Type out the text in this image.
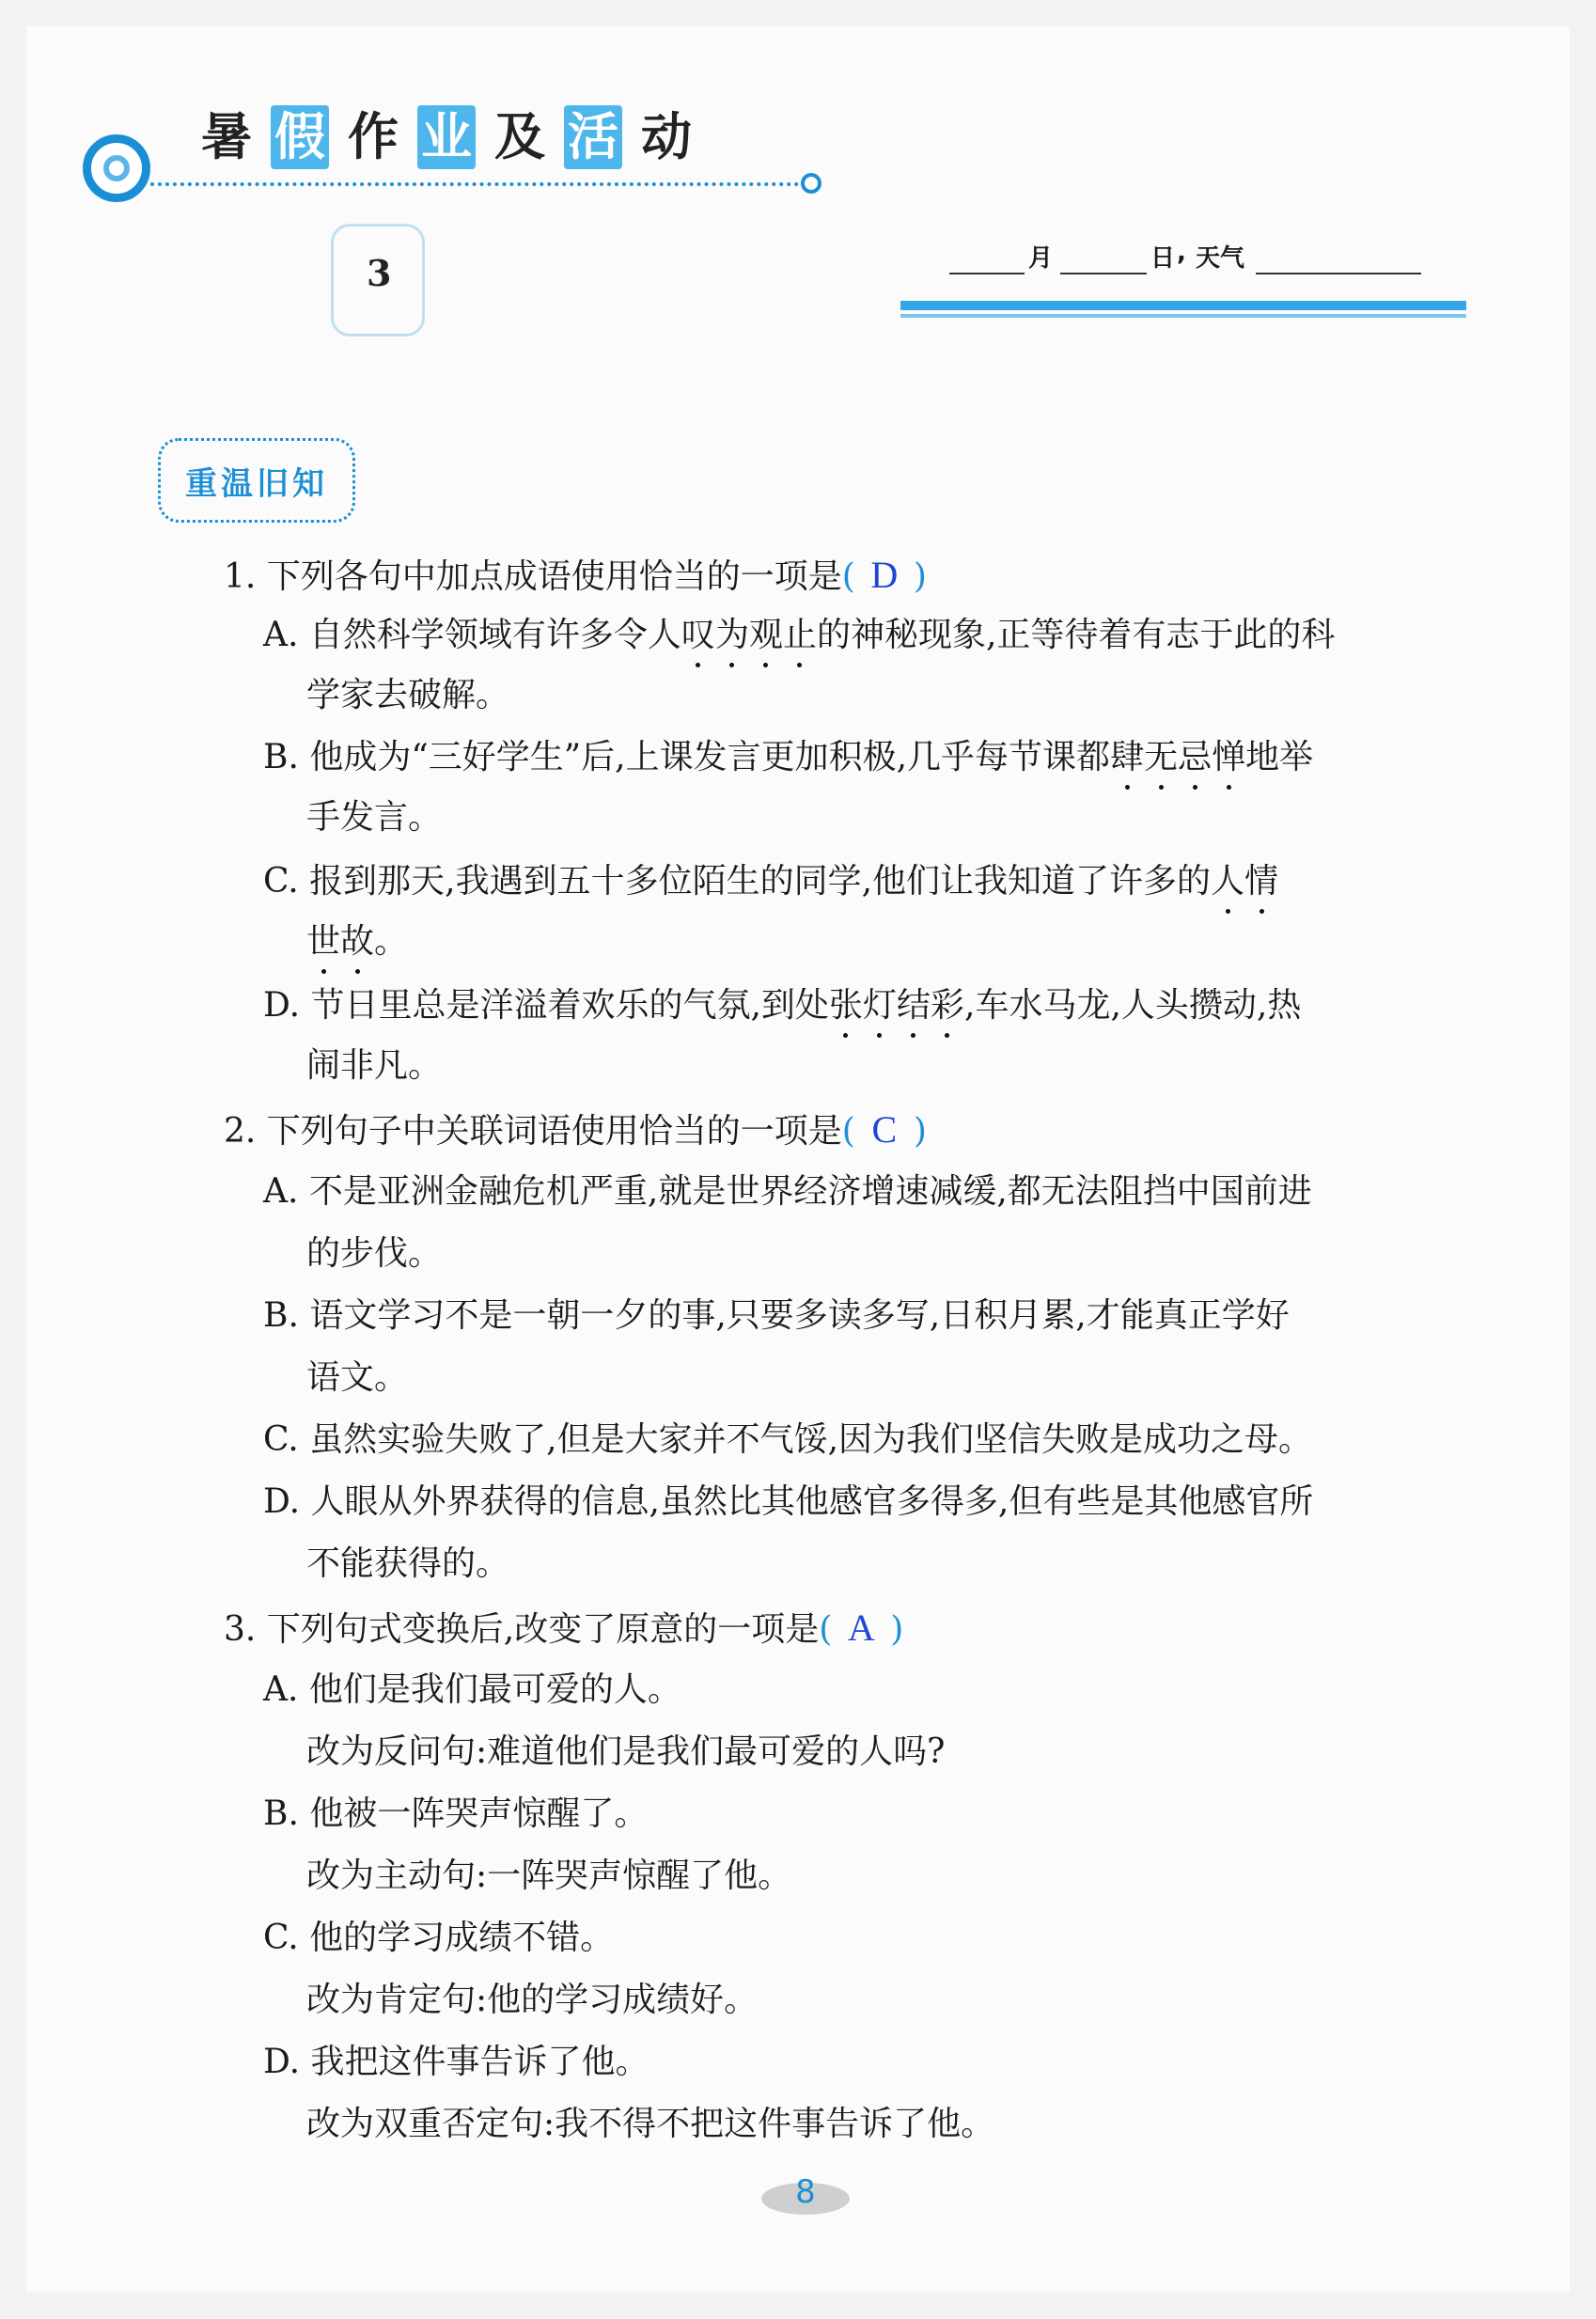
暑 假 作 业 及 活 动
3	月	日 , 天气
重温旧知
1. 下列各句中加点成语使用恰当的一项是( D )
A. 自然科学领域有许多令人叹为观止的神秘现象,正等待着有志于此的科
学家去破解。
B. 他成为“三好学生”后,上课发言更加积极,几乎每节课都肆无忌惮地举
手发言。
C. 报到那天,我遇到五十多位陌生的同学,他们让我知道了许多的人情
世故。
D. 节日里总是洋溢着欢乐的气氛,到处张灯结彩,车水马龙,人头攒动,热
闹非凡。
2. 下列句子中关联词语使用恰当的一项是( C )
A. 不是亚洲金融危机严重,就是世界经济增速减缓,都无法阻挡中国前进
的步伐。
B. 语文学习不是一朝一夕的事,只要多读多写,日积月累,才能真正学好
语文。
C. 虽然实验失败了,但是大家并不气馁,因为我们坚信失败是成功之母。
D. 人眼从外界获得的信息,虽然比其他感官多得多,但有些是其他感官所
不能获得的。
3. 下列句式变换后,改变了原意的一项是( A )
A. 他们是我们最可爱的人。
改为反问句:难道他们是我们最可爱的人吗?
B. 他被一阵哭声惊醒了。
改为主动句:一阵哭声惊醒了他。
C. 他的学习成绩不错。
改为肯定句:他的学习成绩好。
D. 我把这件事告诉了他。
改为双重否定句:我不得不把这件事告诉了他。
8
